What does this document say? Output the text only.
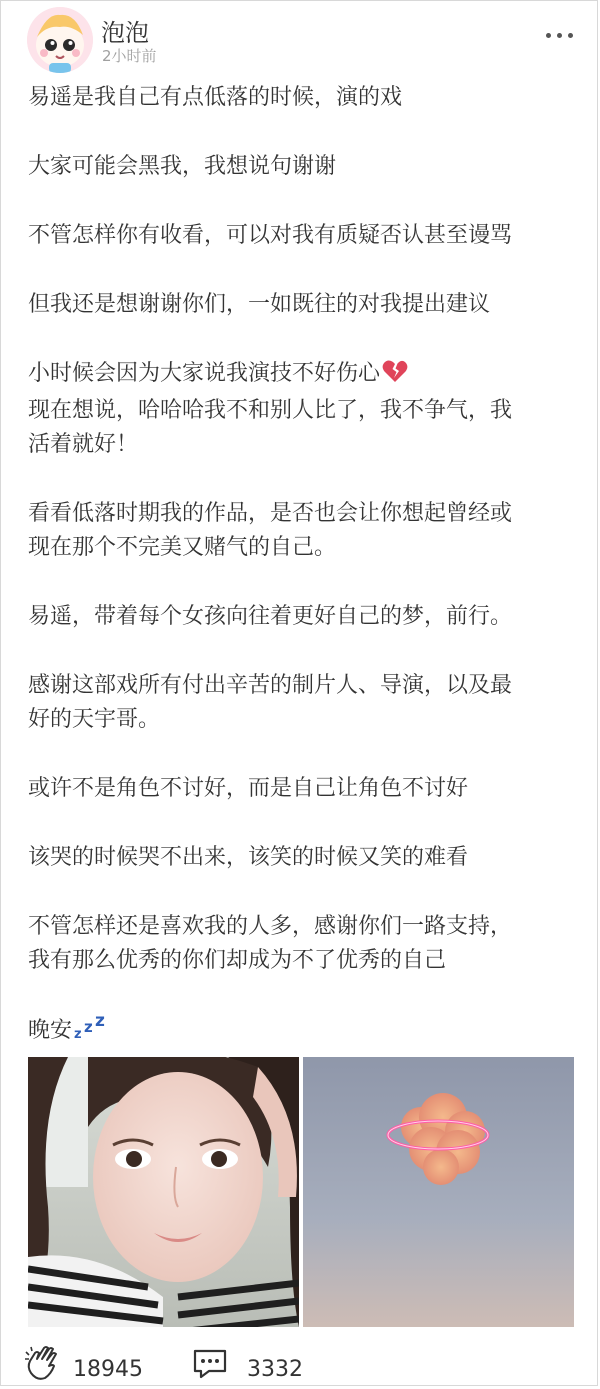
泡泡
2小时前

易遥是我自己有点低落的时候，演的戏

大家可能会黑我，我想说句谢谢

不管怎样你有收看，可以对我有质疑否认甚至谩骂

但我还是想谢谢你们，一如既往的对我提出建议

小时候会因为大家说我演技不好伤心
现在想说，哈哈哈我不和别人比了，我不争气，我
活着就好！

看看低落时期我的作品，是否也会让你想起曾经或
现在那个不完美又赌气的自己。

易遥，带着每个女孩向往着更好自己的梦，前行。

感谢这部戏所有付出辛苦的制片人、导演，以及最
好的天宇哥。

或许不是角色不讨好，而是自己让角色不讨好

该哭的时候哭不出来，该笑的时候又笑的难看

不管怎样还是喜欢我的人多，感谢你们一路支持，
我有那么优秀的你们却成为不了优秀的自己

晚安 z z z

18945	3332
